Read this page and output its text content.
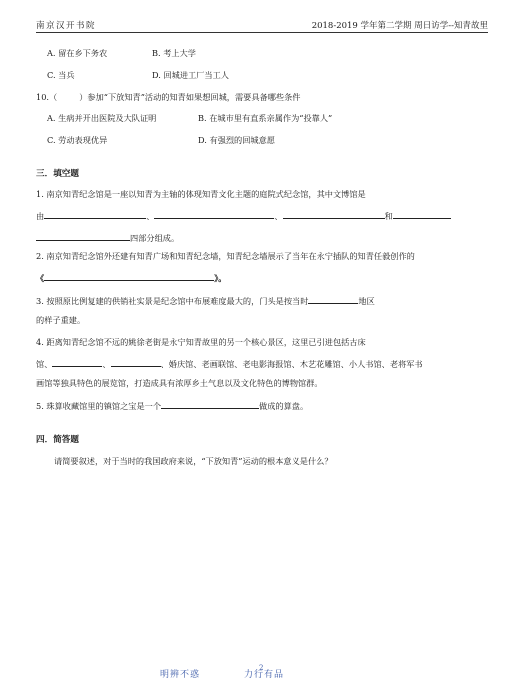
南京汉开书院	2018-2019 学年第二学期 周日访学--知青故里
A. 留在乡下务农	B. 考上大学
C. 当兵	D. 回城进工厂当工人
10.（	）参加“下放知青”活动的知青如果想回城，需要具备哪些条件
A. 生病并开出医院及大队证明	B. 在城市里有直系亲属作为“投靠人”
C. 劳动表现优异	D. 有强烈的回城意愿
三．填空题
1. 南京知青纪念馆是一座以知青为主轴的体现知青文化主题的庭院式纪念馆，其中文博馆是
由	、	、	和
四部分组成。
2. 南京知青纪念馆外还建有知青广场和知青纪念墙，知青纪念墙展示了当年在永宁插队的知青任毅创作的
《	》。
3. 按照原比例复建的供销社实景是纪念馆中布展难度最大的，门头是按当时	地区
的样子重建。
4. 距离知青纪念馆不远的姚徐老街是永宁知青故里的另一个核心景区，这里已引进包括古床
馆、	、	、婚庆馆、老画联馆、老电影海报馆、木艺花雕馆、小人书馆、老将军书
画馆等独具特色的展览馆，打造成具有浓厚乡土气息以及文化特色的博物馆群。
5. 珠算收藏馆里的镇馆之宝是一个	做成的算盘。
四．简答题
请简要叙述，对于当时的我国政府来说，“下放知青”运动的根本意义是什么？
明辨不惑
2
力行有品
